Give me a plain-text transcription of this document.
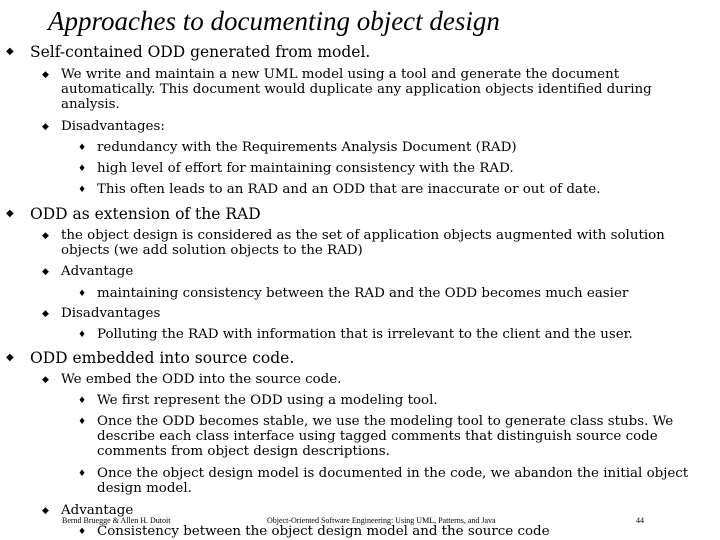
Approaches to documenting object design
◆	Self-contained ODD generated from model.
◆ We write and maintain a new UML model using a tool and generate the document automatically. This document would duplicate any application objects identified during analysis.
◆ Disadvantages:
♦ redundancy with the Requirements Analysis Document (RAD)
♦ high level of effort for maintaining consistency with the RAD.
♦ This often leads to an RAD and an ODD that are inaccurate or out of date.
◆	ODD as extension of the RAD
◆ the object design is considered as the set of application objects augmented with solution objects (we add solution objects to the RAD)
◆ Advantage
♦ maintaining consistency between the RAD and the ODD becomes much easier
◆ Disadvantages
♦ Polluting the RAD with information that is irrelevant to the client and the user.
◆	ODD embedded into source code.
◆ We embed the ODD into the source code.
♦ We first represent the ODD using a modeling tool.
♦ Once the ODD becomes stable, we use the modeling tool to generate class stubs. We describe each class interface using tagged comments that distinguish source code comments from object design descriptions.
♦ Once the object design model is documented in the code, we abandon the initial object design model.
◆ Advantage
♦ Consistency between the object design model and the source code
Bernd Bruegge & Allen H. Dutoit	Object-Oriented Software Engineering: Using UML, Patterns, and Java	44
